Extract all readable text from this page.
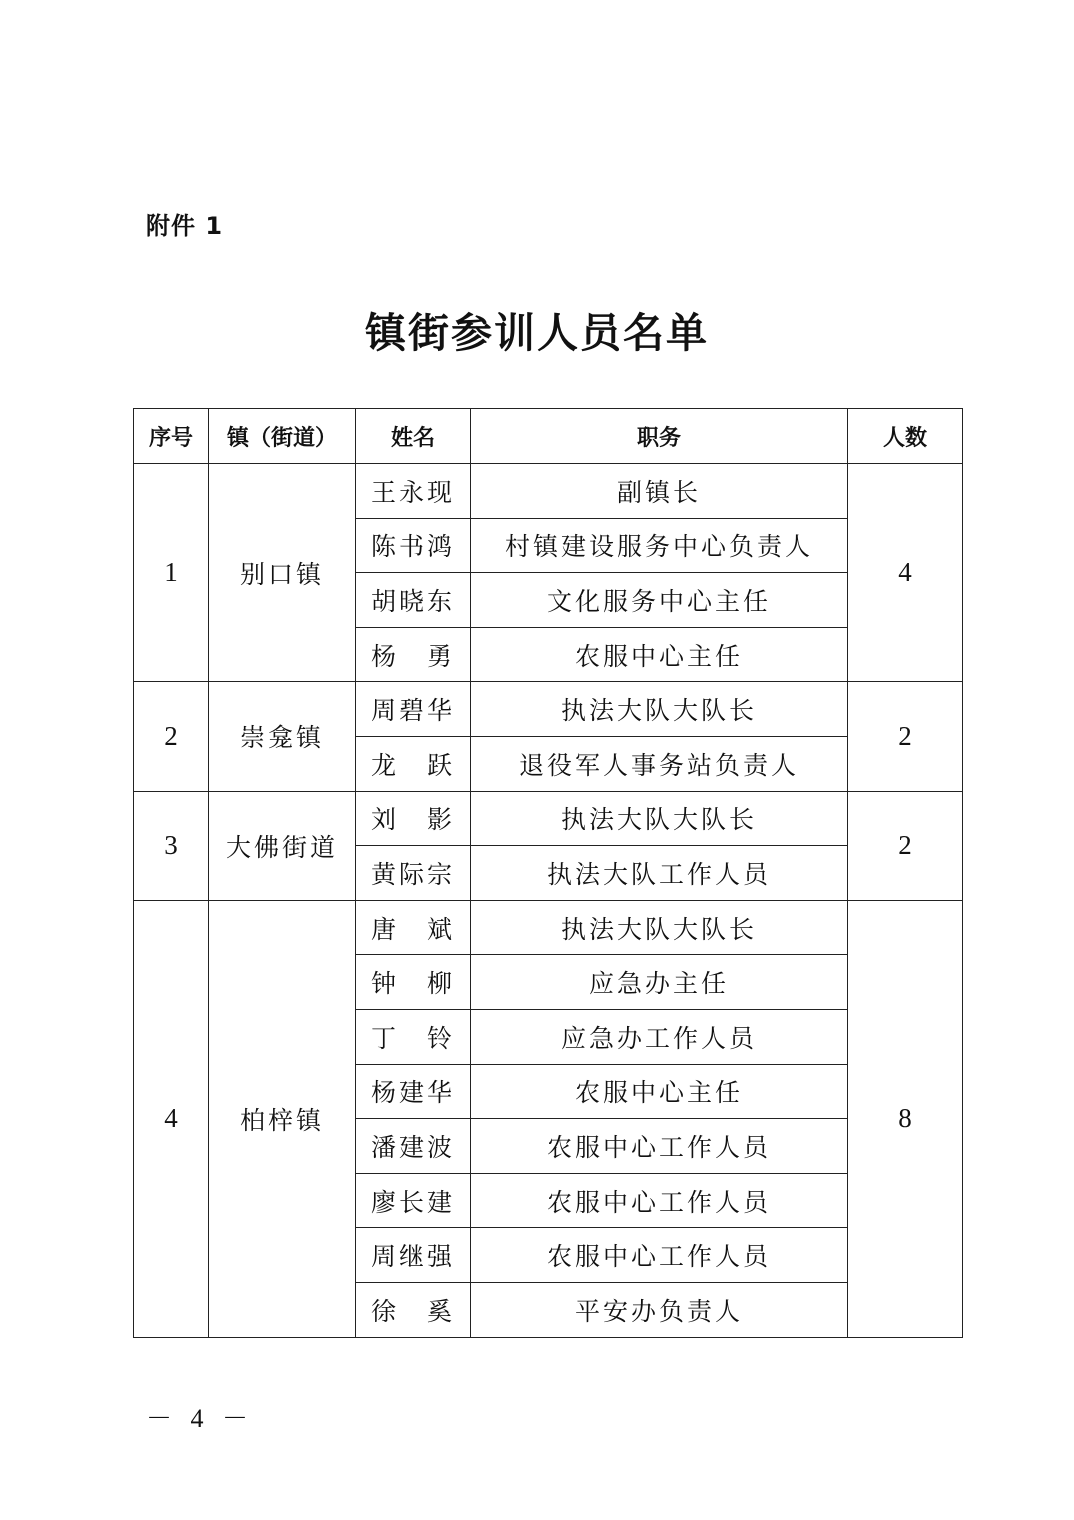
附件 1
镇街参训人员名单
序号	镇（街道）	姓名	职务	人数
1	别口镇	王永现	副镇长	4
		陈书鸿	村镇建设服务中心负责人	
		胡晓东	文化服务中心主任	
		杨　勇	农服中心主任	
2	崇龛镇	周碧华	执法大队大队长	2
		龙　跃	退役军人事务站负责人	
3	大佛街道	刘　影	执法大队大队长	2
		黄际宗	执法大队工作人员	
4	柏梓镇	唐　斌	执法大队大队长	8
		钟　柳	应急办主任	
		丁　铃	应急办工作人员	
		杨建华	农服中心主任	
		潘建波	农服中心工作人员	
		廖长建	农服中心工作人员	
		周继强	农服中心工作人员	
		徐　奚	平安办负责人	
－ 4 －
